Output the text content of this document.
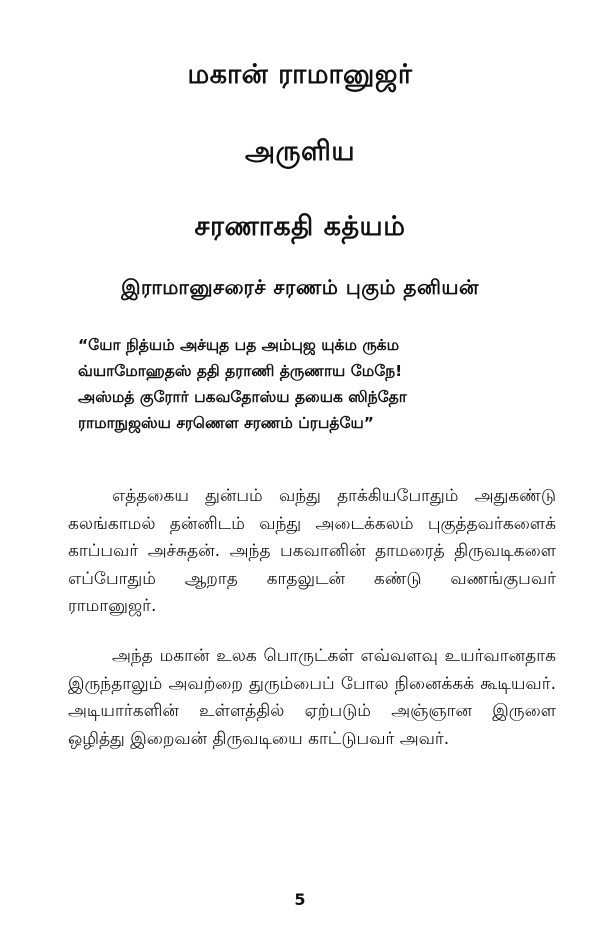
மகான் ராமானுஜர்
அருளிய
சரணாகதி கத்யம்
இராமானுசரைச் சரணம் புகும் தனியன்
“யோ நித்யம் அச்யுத பத அம்புஜ யுக்ம ருக்ம
வ்யாமோஹதஸ் ததி தராணி த்ருணாய மேநே!
அஸ்மத் குரோர் பகவதோஸ்ய தயைக ஸிந்தோ
ராமாநுஜஸ்ய சரணௌ சரணம் ப்ரபத்யே”

எத்தகைய துன்பம் வந்து தாக்கியபோதும் அதுகண்டு கலங்காமல் தன்னிடம் வந்து அடைக்கலம் புகுத்தவர்களைக் காப்பவர் அச்சுதன். அந்த பகவானின் தாமரைத் திருவடிகளை எப்போதும் ஆறாத காதலுடன் கண்டு வணங்குபவர் ராமானுஜர்.

அந்த மகான் உலக பொருட்கள் எவ்வளவு உயர்வானதாக இருந்தாலும் அவற்றை துரும்பைப் போல நினைக்கக் கூடியவர். அடியார்களின் உள்ளத்தில் ஏற்படும் அஞ்ஞான இருளை ஒழித்து இறைவன் திருவடியை காட்டுபவர் அவர்.

5
